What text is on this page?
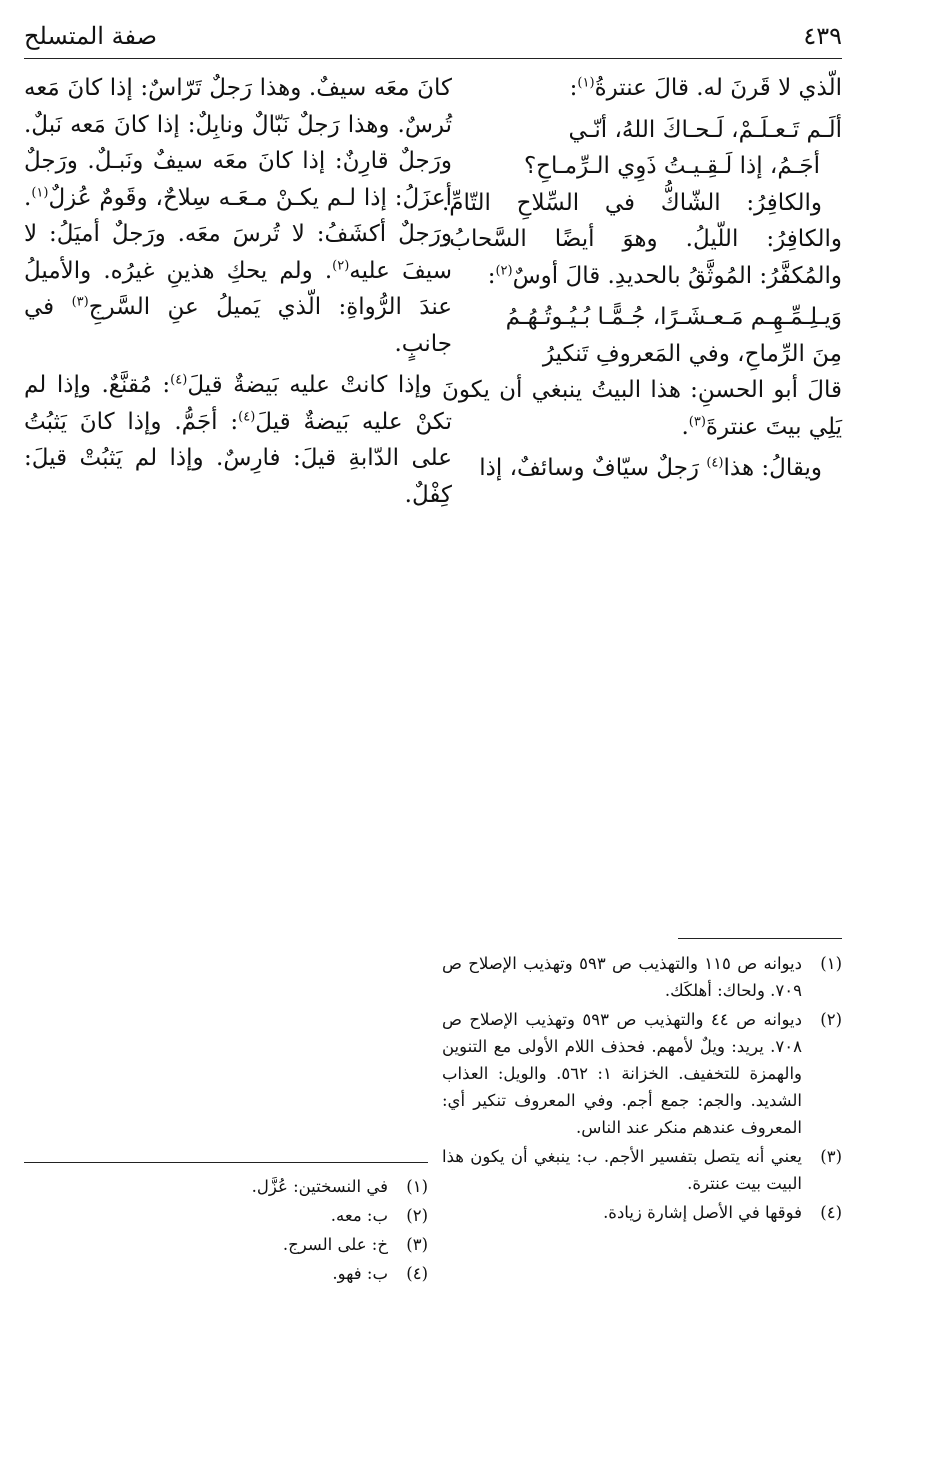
٤٣٩
صفة المتسلح

الّذي لا قَرنَ له. قالَ عنترةُ$^{(١)}$:

ألَـم تَـعـلَـمْ، لَـحـاكَ اللهُ، أنّـي
أجَـمُ، إذا لَـقِـيـتُ ذَوِي الـرِّمـاحِ؟

والكافِرُ: الشّاكُّ في السِّلاحِ التّامِّ. والكافِرُ: اللّيلُ. وهوَ أيضًا السَّحابُ. والمُكفَّرُ: المُوثَّقُ بالحديدِ. قالَ أوسٌ$^{(٢)}$:

وَيـلِـمِّـهِـم مَـعـشَـرًا، جُـمًّـا بُـيُـوتُـهُـمُ
مِنَ الرِّماحِ، وفي المَعروفِ تَنكيرُ

قالَ أبو الحسنِ: هذا البيتُ ينبغي أن يكونَ يَلِي بيتَ عنترةَ$^{(٣)}$.

ويقالُ: هذا$^{(٤)}$ رَجلٌ سيّافٌ وسائفٌ، إذا

كانَ معَه سيفٌ. وهذا رَجلٌ تَرّاسٌ: إذا كانَ مَعه تُرسٌ. وهذا رَجلٌ نَبّالٌ ونابِلٌ: إذا كانَ مَعه نَبلٌ. ورَجلٌ قارِنٌ: إذا كانَ معَه سيفٌ ونَبـلٌ. ورَجلٌ أعزَلُ: إذا لـم يكـنْ مـعَـه سِلاحٌ، وقَومٌ عُزلٌ$^{(١)}$. ورَجلٌ أكشَفُ: لا تُرسَ معَه. ورَجلٌ أميَلُ: لا سيفَ عليه$^{(٢)}$. ولم يحكِ هذينِ غيرُه. والأميلُ عندَ الرُّواةِ: الّذي يَميلُ عنِ السَّرجِ$^{(٣)}$ في جانبٍ.

وإذا كانتْ عليه بَيضةٌ قيلَ$^{(٤)}$: مُقنَّعٌ. وإذا لم تكنْ عليه بَيضةٌ قيلَ$^{(٤)}$: أجَمُّ. وإذا كانَ يَثبُتُ على الدّابةِ قيلَ: فارِسٌ. وإذا لم يَثبُتْ قيلَ: كِفْلٌ.

(١)
ديوانه ص ١١٥ والتهذيب ص ٥٩٣ وتهذيب الإصلاح ص ٧٠٩. ولحاك: أهلكَك.
(٢)
ديوانه ص ٤٤ والتهذيب ص ٥٩٣ وتهذيب الإصلاح ص ٧٠٨. يريد: ويلٌ لأمهم. فحذف اللام الأولى مع التنوين والهمزة للتخفيف. الخزانة ١: ٥٦٢. والويل: العذاب الشديد. والجم: جمع أجم. وفي المعروف تنكير أي: المعروف عندهم منكر عند الناس.
(٣)
يعني أنه يتصل بتفسير الأجم. ب: ينبغي أن يكون هذا البيت بيت عنترة.
(٤)
فوقها في الأصل إشارة زيادة.
(١)
في النسختين: عُزَّل.
(٢)
ب: معه.
(٣)
خ: على السرج.
(٤)
ب: فهو.
